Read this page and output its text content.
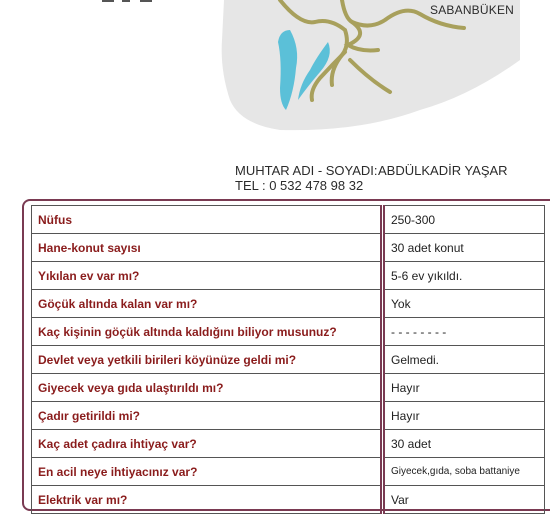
SABANBÜKEN
MUHTAR ADI - SOYADI: ABDÜLKADİR YAŞAR
TEL : 0 532 478 98 32
Nüfus	250-300
Hane-konut sayısı	30 adet konut
Yıkılan ev var mı?	5-6 ev yıkıldı.
Göçük altında kalan var mı?	Yok
Kaç kişinin göçük altında kaldığını biliyor musunuz?	- - - - - - - -
Devlet veya yetkili birileri köyünüze geldi mi?	Gelmedi.
Giyecek veya gıda ulaştırıldı mı?	Hayır
Çadır getirildi mi?	Hayır
Kaç adet çadıra ihtiyaç var?	30 adet
En acil neye ihtiyacınız var?	Giyecek,gıda, soba battaniye
Elektrik var mı?	Var
